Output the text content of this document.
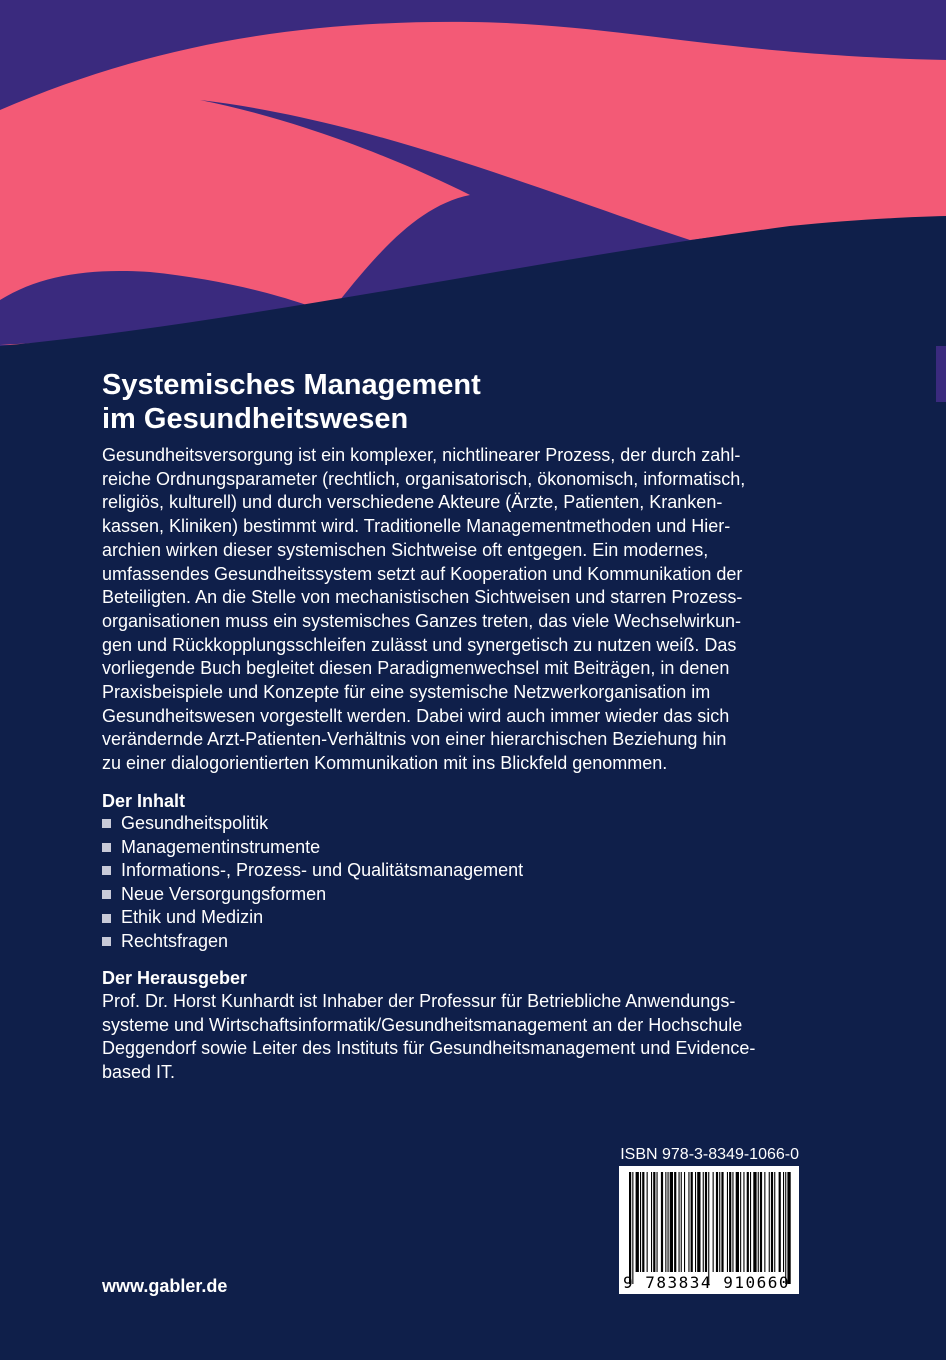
Systemisches Management
im Gesundheitswesen

Gesundheitsversorgung ist ein komplexer, nichtlinearer Prozess, der durch zahl-
reiche Ordnungsparameter (rechtlich, organisatorisch, ökonomisch, informatisch,
religiös, kulturell) und durch verschiedene Akteure (Ärzte, Patienten, Kranken-
kassen, Kliniken) bestimmt wird. Traditionelle Managementmethoden und Hier-
archien wirken dieser systemischen Sichtweise oft entgegen. Ein modernes,
umfassendes Gesundheitssystem setzt auf Kooperation und Kommunikation der
Beteiligten. An die Stelle von mechanistischen Sichtweisen und starren Prozess-
organisationen muss ein systemisches Ganzes treten, das viele Wechselwirkun-
gen und Rückkopplungsschleifen zulässt und synergetisch zu nutzen weiß. Das
vorliegende Buch begleitet diesen Paradigmenwechsel mit Beiträgen, in denen
Praxisbeispiele und Konzepte für eine systemische Netzwerkorganisation im
Gesundheitswesen vorgestellt werden. Dabei wird auch immer wieder das sich
verändernde Arzt-Patienten-Verhältnis von einer hierarchischen Beziehung hin
zu einer dialogorientierten Kommunikation mit ins Blickfeld genommen.

Der Inhalt
Gesundheitspolitik
Managementinstrumente
Informations-, Prozess- und Qualitätsmanagement
Neue Versorgungsformen
Ethik und Medizin
Rechtsfragen
Der Herausgeber

Prof. Dr. Horst Kunhardt ist Inhaber der Professur für Betriebliche Anwendungs-
systeme und Wirtschaftsinformatik/Gesundheitsmanagement an der Hochschule
Deggendorf sowie Leiter des Instituts für Gesundheitsmanagement und Evidence-
based IT.

ISBN 978-3-8349-1066-0
9 783834 910660
www.gabler.de
